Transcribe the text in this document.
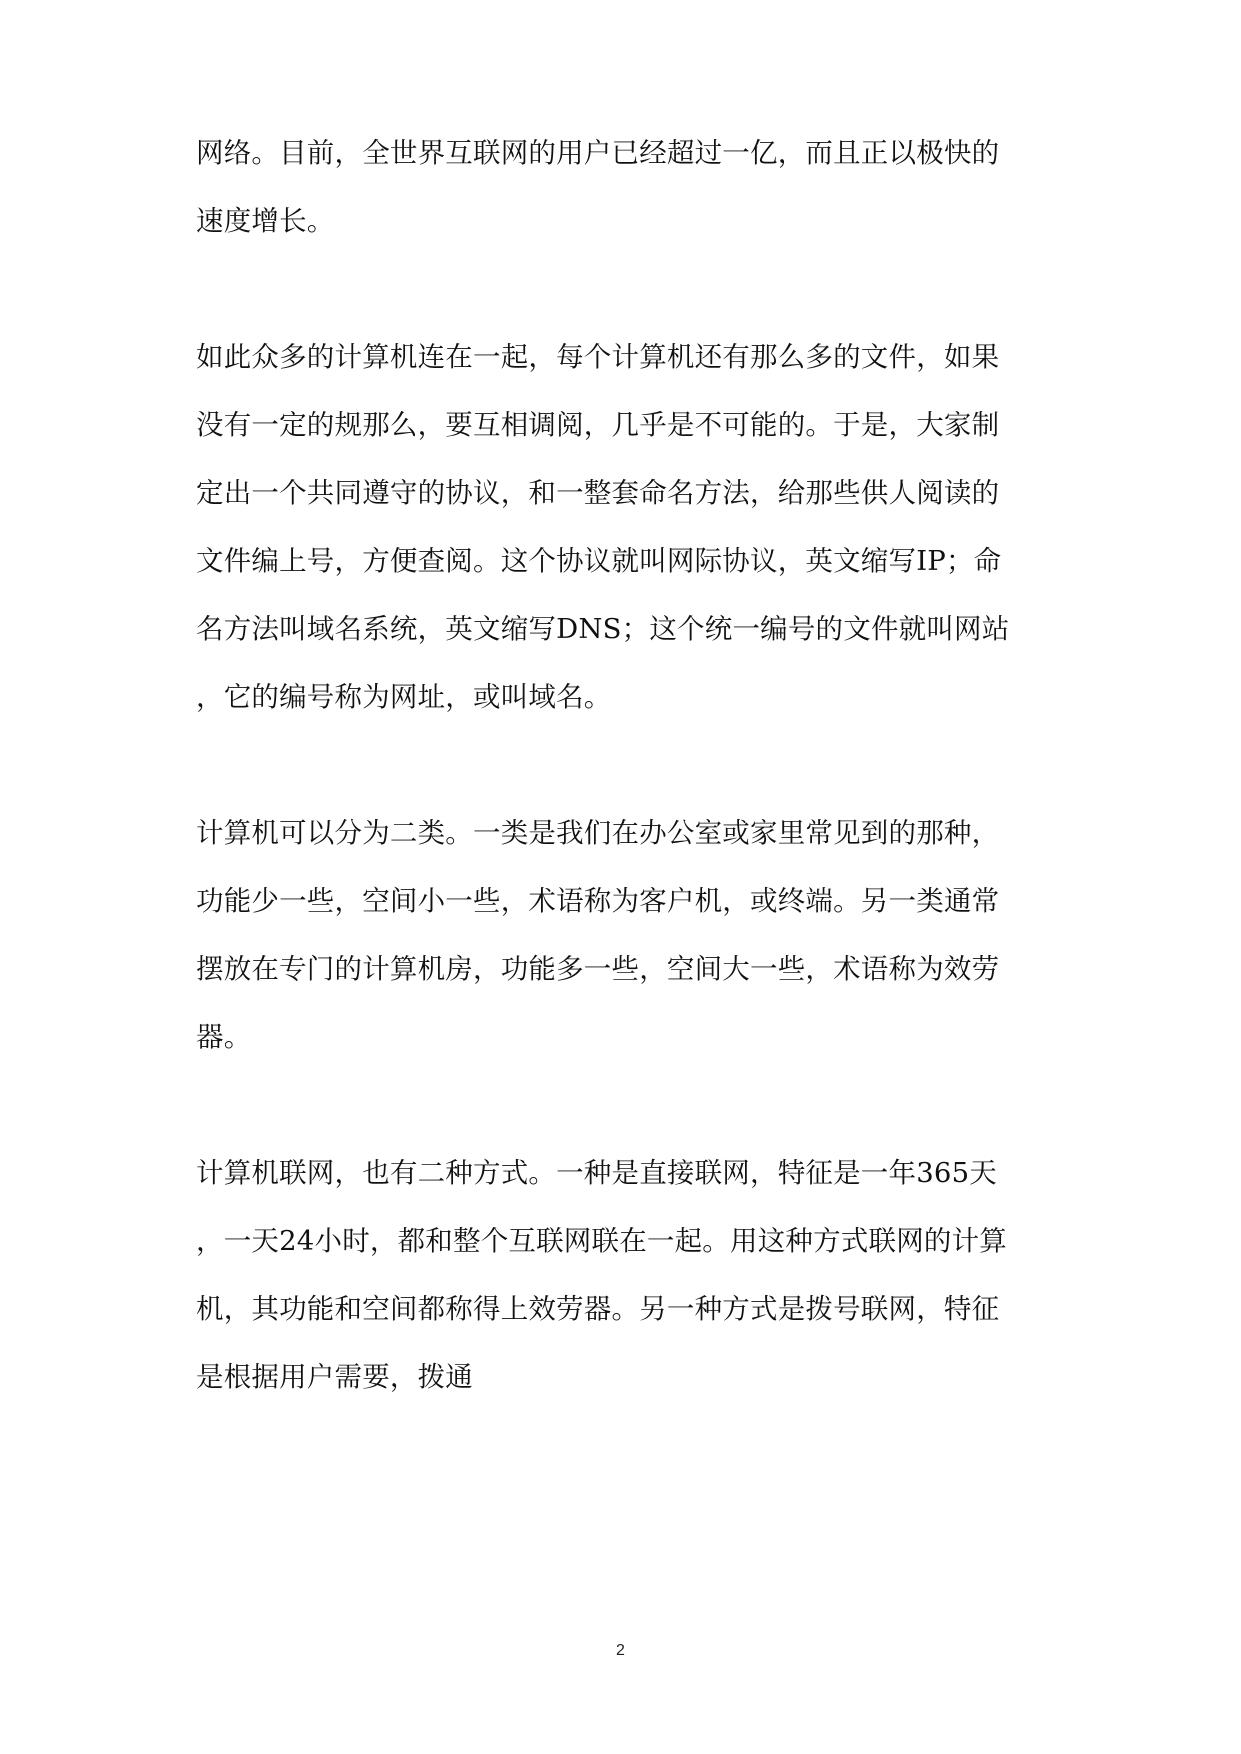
网络。目前，全世界互联网的用户已经超过一亿，而且正以极快的
速度增长。
如此众多的计算机连在一起，每个计算机还有那么多的文件，如果
没有一定的规那么，要互相调阅，几乎是不可能的。于是，大家制
定出一个共同遵守的协议，和一整套命名方法，给那些供人阅读的
文件编上号，方便查阅。这个协议就叫网际协议，英文缩写IP；命
名方法叫域名系统，英文缩写DNS；这个统一编号的文件就叫网站
，它的编号称为网址，或叫域名。
计算机可以分为二类。一类是我们在办公室或家里常见到的那种，
功能少一些，空间小一些，术语称为客户机，或终端。另一类通常
摆放在专门的计算机房，功能多一些，空间大一些，术语称为效劳
器。
计算机联网，也有二种方式。一种是直接联网，特征是一年365天
，一天24小时，都和整个互联网联在一起。用这种方式联网的计算
机，其功能和空间都称得上效劳器。另一种方式是拨号联网，特征
是根据用户需要，拨通
2
